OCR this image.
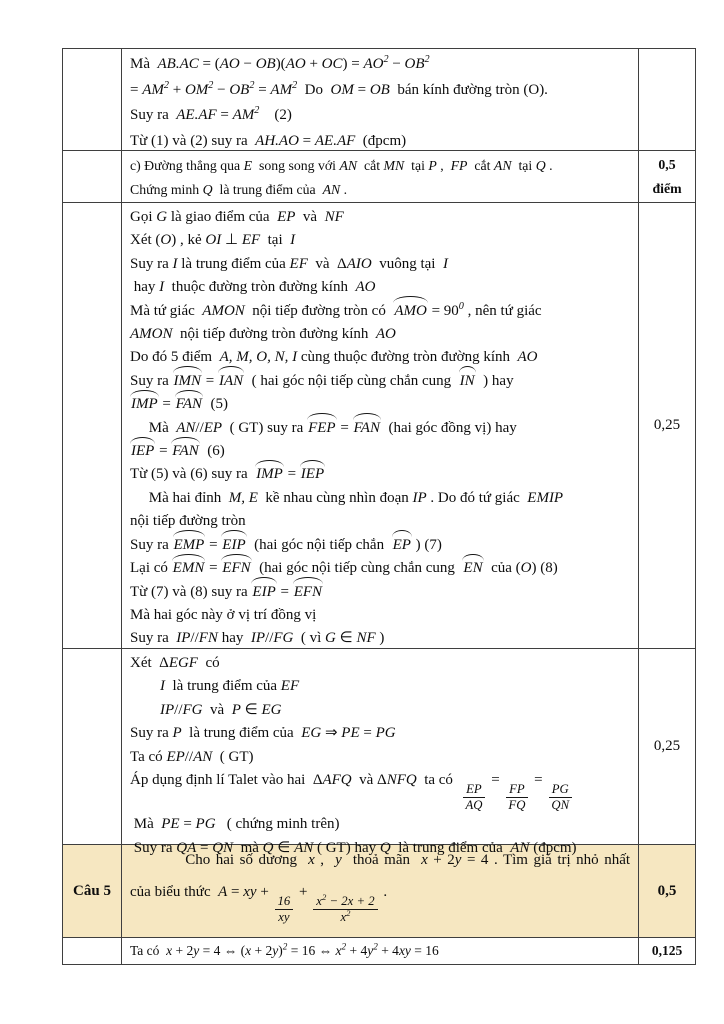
Mà  $AB.AC = (AO - OB)(AO + OC) = AO^2 - OB^2$
= $AM^2 + OM^2 - OB^2 = AM^2$  Do  OM = OB  bán kính đường tròn (O).
Suy ra  $AE.AF = AM^2$    (2)
Từ (1) và (2) suy ra  AH.AO = AE.AF  (đpcm)
c) Đường thẳng qua E  song song với AN  cắt MN  tại P ,  FP  cắt AN  tại Q .
Chứng minh Q  là trung điểm của  AN .
0,5
điểm
Gọi G là giao điểm của  EP  và  NF
Xét (O) , kẻ OI ⊥ EF  tại  I
Suy ra I là trung điểm của EF  và  ΔAIO  vuông tại  I
hay I  thuộc đường tròn đường kính  AO
Mà tứ giác  AMON  nội tiếp đường tròn có  AMO = $90^0$ , nên tứ giác
AMON  nội tiếp đường tròn đường kính  AO
Do đó 5 điểm  A, M, O, N, I cùng thuộc đường tròn đường kính  AO
Suy ra IMN = IAN  ( hai góc nội tiếp cùng chắn cung  IN  ) hay
IMP = FAN  (5)
Mà  AN//EP  ( GT) suy ra FEP = FAN  (hai góc đồng vị) hay
IEP = FAN  (6)
Từ (5) và (6) suy ra  IMP = IEP
Mà hai đỉnh  M, E  kề nhau cùng nhìn đoạn IP . Do đó tứ giác  EMIP
nội tiếp đường tròn
Suy ra EMP = EIP  (hai góc nội tiếp chắn  EP ) (7)
Lại có EMN = EFN  (hai góc nội tiếp cùng chắn cung  EN  của (O) (8)
Từ (7) và (8) suy ra EIP = EFN
Mà hai góc này ở vị trí đồng vị
Suy ra  IP//FN hay  IP//FG  ( vì G ∈ NF )
0,25
Xét  ΔEGF  có
I  là trung điểm của EF
IP//FG  và  P ∈ EG
Suy ra P  là trung điểm của  EG ⇒ PE = PG
Ta có EP//AN  ( GT)
Áp dụng định lí Talet vào hai  ΔAFQ  và ΔNFQ  ta có
$\frac{EP}{AQ}$
=
$\frac{FP}{FQ}$
=
$\frac{PG}{QN}$
Mà  PE = PG   ( chứng minh trên)
Suy ra QA = QN  mà Q ∈ AN ( GT) hay Q  là trung điểm của  AN (đpcm)
0,25
Câu 5
Cho hai số dương  x ,  y  thoả mãn  x + 2y = 4 . Tìm giá trị nhỏ nhất
của biểu thức  A = xy +
$\frac{16}{xy}$
+
$\frac{x^2 - 2x + 2}{x^2}$
.	0,5
Ta có  x + 2y = 4 ⇔ $(x + 2y)^2 = 16$ ⇔ $x^2 + 4y^2 + 4xy = 16$	0,125
